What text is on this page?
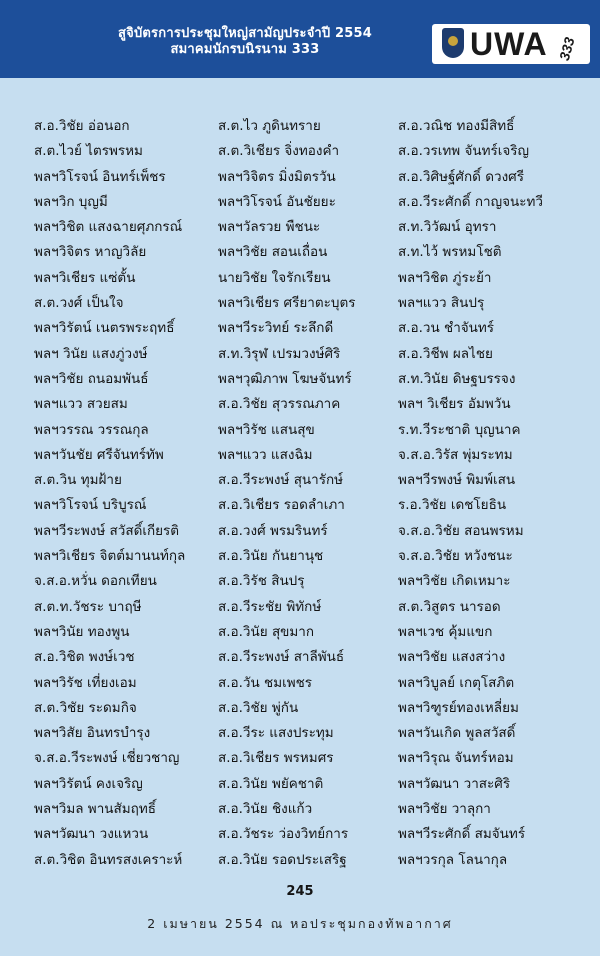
สูจิบัตรการประชุมใหญ่สามัญประจำปี 2554
สมาคมนักรบนิรนาม 333	UWA 333
ส.อ.วิชัย อ่อนอก
ส.ต.ไวย์ ไตรพรหม
พลฯวิโรจน์ อินทร์เพ็ชร
พลฯวิก บุญมี
พลฯวิชิต แสงฉายศุภกรณ์
พลฯวิจิตร หาญวิลัย
พลฯวิเชียร แซ่ตั้น
ส.ต.วงศ์ เป็นใจ
พลฯวิรัตน์ เนตรพระฤทธิ์
พลฯ วินัย แสงภู่วงษ์
พลฯวิชัย ถนอมพันธ์
พลฯแวว สวยสม
พลฯวรรณ วรรณกุล
พลฯวันชัย ศรีจันทร์ทัพ
ส.ต.วิน ทุมฝ้าย
พลฯวิโรจน์ บริบูรณ์
พลฯวีระพงษ์ สวัสดิ์เกียรติ
พลฯวิเชียร จิตต์มานนท์กุล
จ.ส.อ.หวั่น ดอกเทียน
ส.ต.ท.วัชระ บาฤษี
พลฯวินัย ทองพูน
ส.อ.วิชิต พงษ์เวช
พลฯวิรัช เที่ยงเอม
ส.ต.วิชัย ระดมกิจ
พลฯวิสัย อินทรบำรุง
จ.ส.อ.วีระพงษ์ เชี่ยวชาญ
พลฯวิรัตน์ คงเจริญ
พลฯวิมล พานสัมฤทธิ์
พลฯวัฒนา วงแหวน
ส.ต.วิชิต อินทรสงเคราะห์
ส.ต.ไว ภูดินทราย
ส.ต.วิเชียร จิ่งทองคำ
พลฯวิจิตร มิ่งมิตรวัน
พลฯวิโรจน์ อันชัยยะ
พลฯวัลรวย พืชนะ
พลฯวิชัย สอนเถื่อน
นายวิชัย ใจรักเรียน
พลฯวิเชียร ศรียาตะบุตร
พลฯวีระวิทย์ ระลึกดี
ส.ท.วิรุฬ เปรมวงษ์ศิริ
พลฯวุฒิภาพ โฆษจันทร์
ส.อ.วิชัย สุวรรณภาค
พลฯวิรัช แสนสุข
พลฯแวว แสงฉิม
ส.อ.วีระพงษ์ สุนารักษ์
ส.อ.วิเชียร รอดลำเภา
ส.อ.วงศ์ พรมรินทร์
ส.อ.วินัย กันยานุช
ส.อ.วิรัช สินปรุ
ส.อ.วีระชัย พิทักษ์
ส.อ.วินัย สุขมาก
ส.อ.วีระพงษ์ สาลีพันธ์
ส.อ.วัน ชมเพชร
ส.อ.วิชัย พู่กัน
ส.อ.วีระ แสงประทุม
ส.อ.วิเชียร พรหมศร
ส.อ.วินัย พยัคชาติ
ส.อ.วินัย ชิงแก้ว
ส.อ.วัชระ ว่องวิทย์การ
ส.อ.วินัย รอดประเสริฐ
ส.อ.วณิช ทองมีสิทธิ์
ส.อ.วรเทพ จันทร์เจริญ
ส.อ.วิศิษฐ์ศักดิ์ ดวงศรี
ส.อ.วีระศักดิ์ กาญจนะทวี
ส.ท.วิวัฒน์ อุทรา
ส.ท.ไว้ พรหมโชติ
พลฯวิชิต ภู่ระย้า
พลฯแวว สินปรุ
ส.อ.วน ชำจันทร์
ส.อ.วิชีพ ผลไชย
ส.ท.วินัย ดิษฐบรรจง
พลฯ วิเชียร อัมพวัน
ร.ท.วีระชาติ บุญนาค
จ.ส.อ.วิรัส พุ่มระทม
พลฯวีรพงษ์ พิมพ์เสน
ร.อ.วิชัย เดชโยธิน
จ.ส.อ.วิชัย สอนพรหม
จ.ส.อ.วิชัย หวังชนะ
พลฯวิชัย เกิดเหมาะ
ส.ต.วิสูตร นารอด
พลฯเวช คุ้มแขก
พลฯวิชัย แสงสว่าง
พลฯวิบูลย์ เกตุโสภิต
พลฯวิฑูรย์ทองเหลี่ยม
พลฯวันเกิด พูลสวัสดิ์
พลฯวิรุณ จันทร์หอม
พลฯวัฒนา วาสะศิริ
พลฯวิชัย วาลุกา
พลฯวีระศักดิ์ สมจันทร์
พลฯวรกุล โลนากุล
245
2 เมษายน 2554 ณ หอประชุมกองทัพอากาศ
